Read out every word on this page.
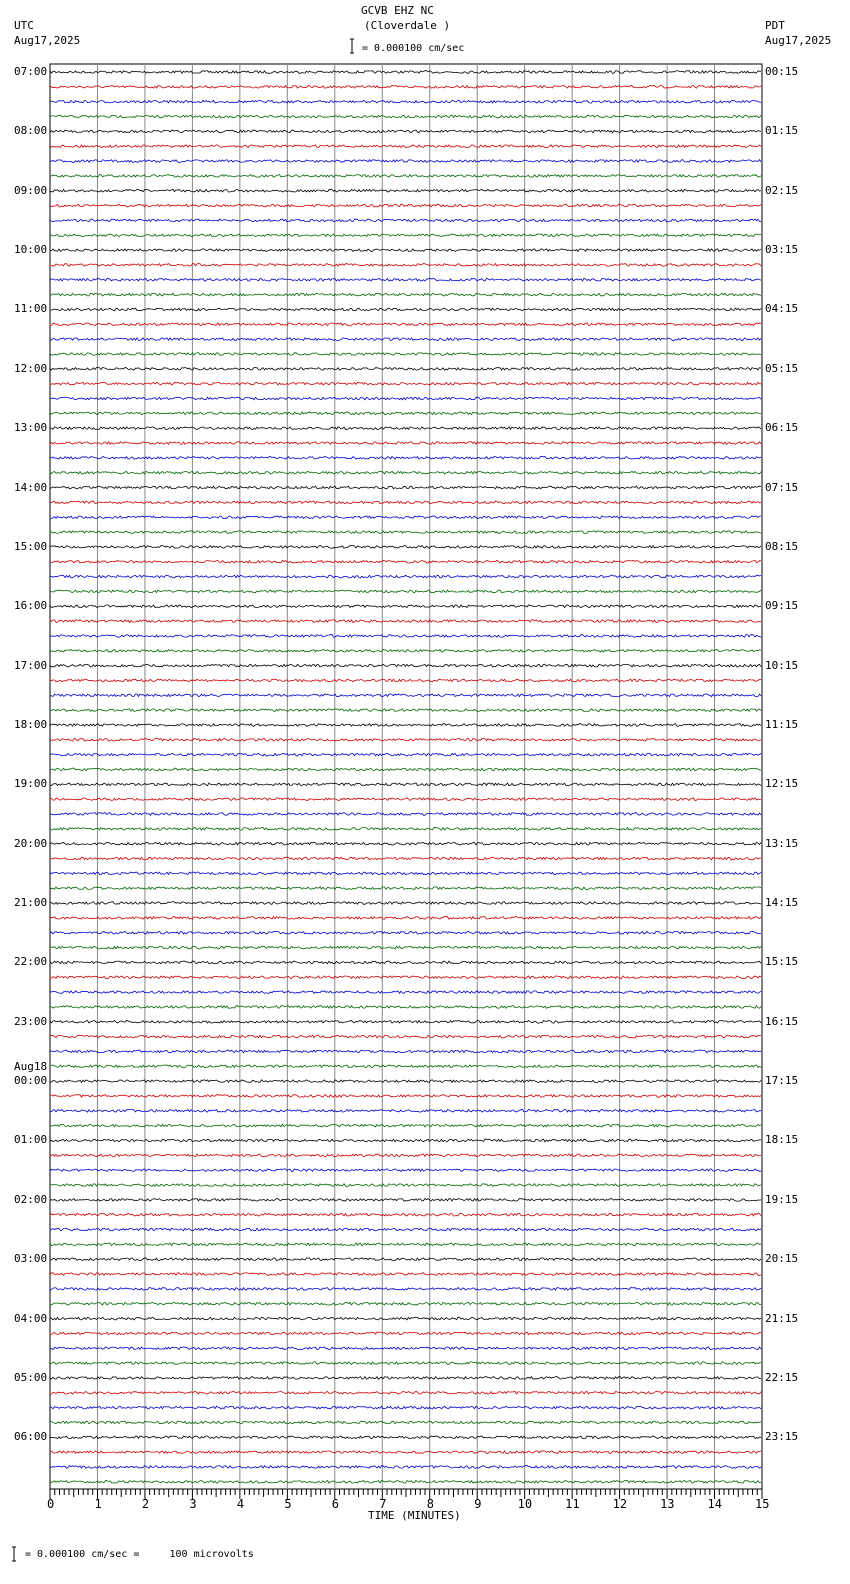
GCVB EHZ NC
(Cloverdale )
UTC
Aug17,2025
PDT
Aug17,2025
= 0.000100 cm/sec
TIME (MINUTES)
= 0.000100 cm/sec =     100 microvolts
0	1	2	3	4	5	6	7	8	9	10	11	12	13	14	15
07:00	00:15
08:00	01:15
09:00	02:15
10:00	03:15
11:00	04:15
12:00	05:15
13:00	06:15
14:00	07:15
15:00	08:15
16:00	09:15
17:00	10:15
18:00	11:15
19:00	12:15
20:00	13:15
21:00	14:15
22:00	15:15
23:00	16:15
00:00
Aug18
17:15
01:00	18:15
02:00	19:15
03:00	20:15
04:00	21:15
05:00	22:15
06:00	23:15
